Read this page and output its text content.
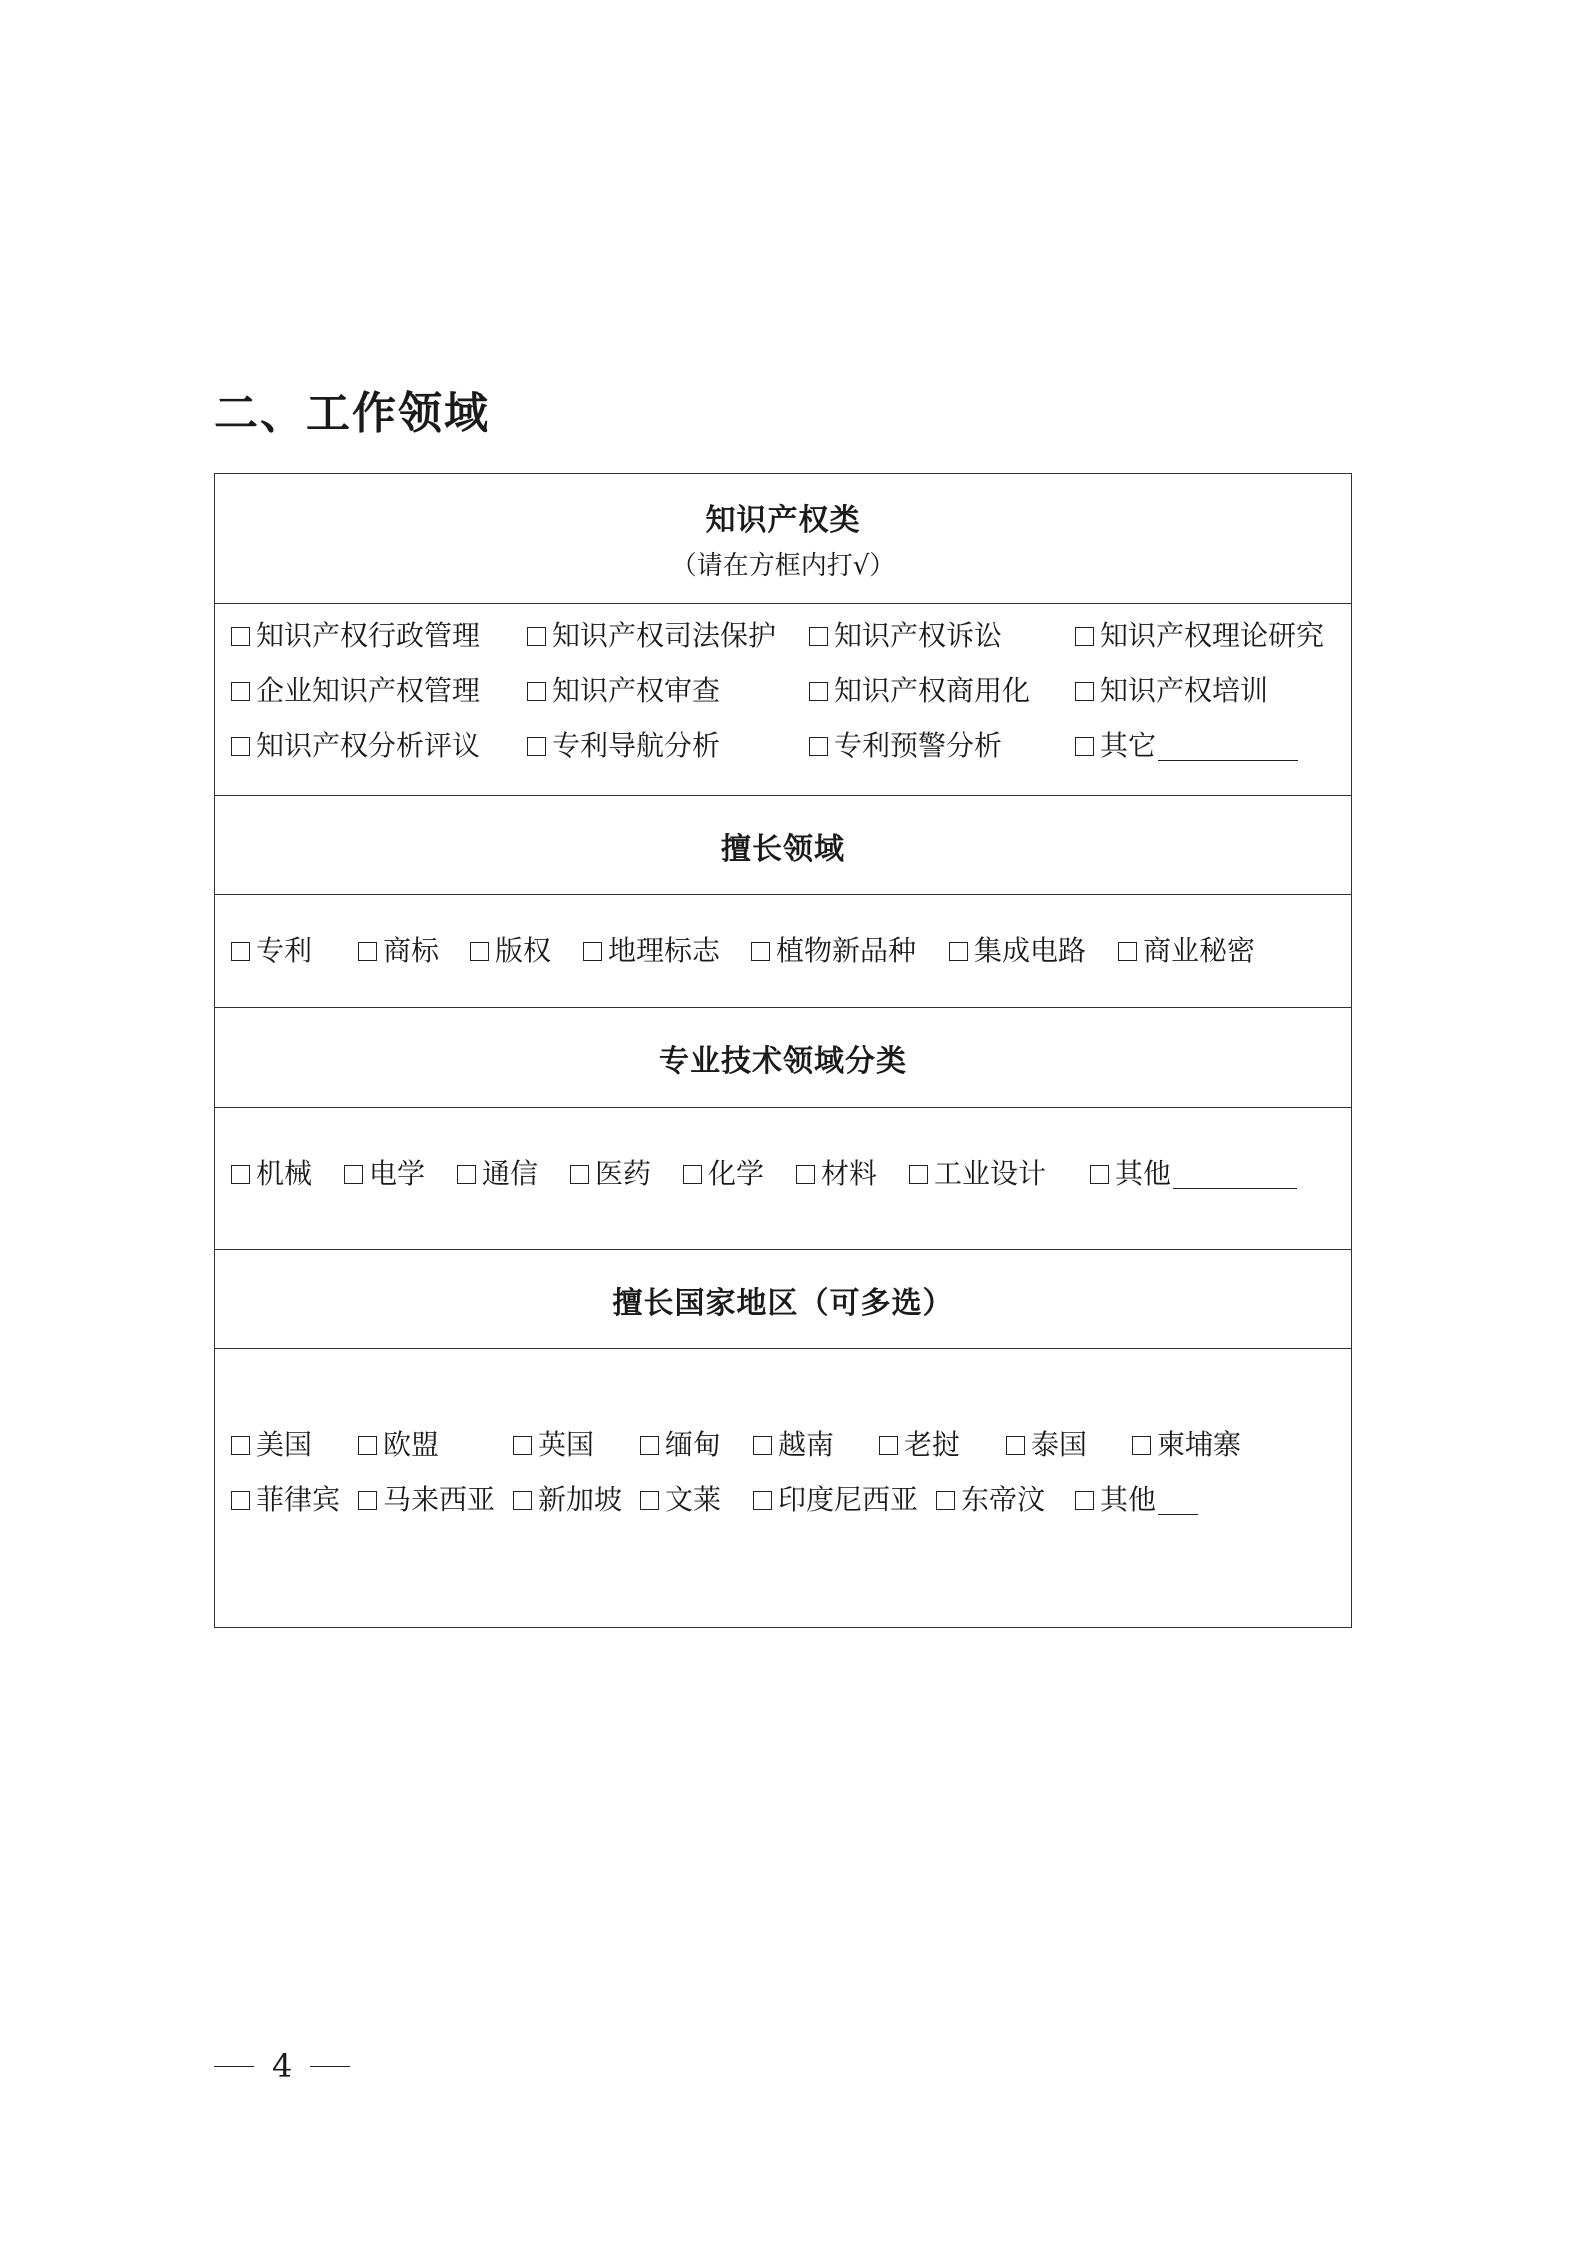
二、工作领域
知识产权类
（请在方框内打√）
知识产权行政管理	知识产权司法保护 知识产权诉讼	知识产权理论研究
企业知识产权管理	知识产权审查	知识产权商用化 知识产权培训
知识产权分析评议	专利导航分析	专利预警分析	其它
擅长领域
专利	商标 版权 地理标志 植物新品种 集成电路 商业秘密
专业技术领域分类
机械 电学 通信 医药 化学 材料 工业设计 其他
擅长国家地区（可多选）
美国	欧盟	英国	缅甸 越南 老挝	泰国 柬埔寨
菲律宾 马来西亚 新加坡 文莱 印度尼西亚 东帝汶 其他
4
